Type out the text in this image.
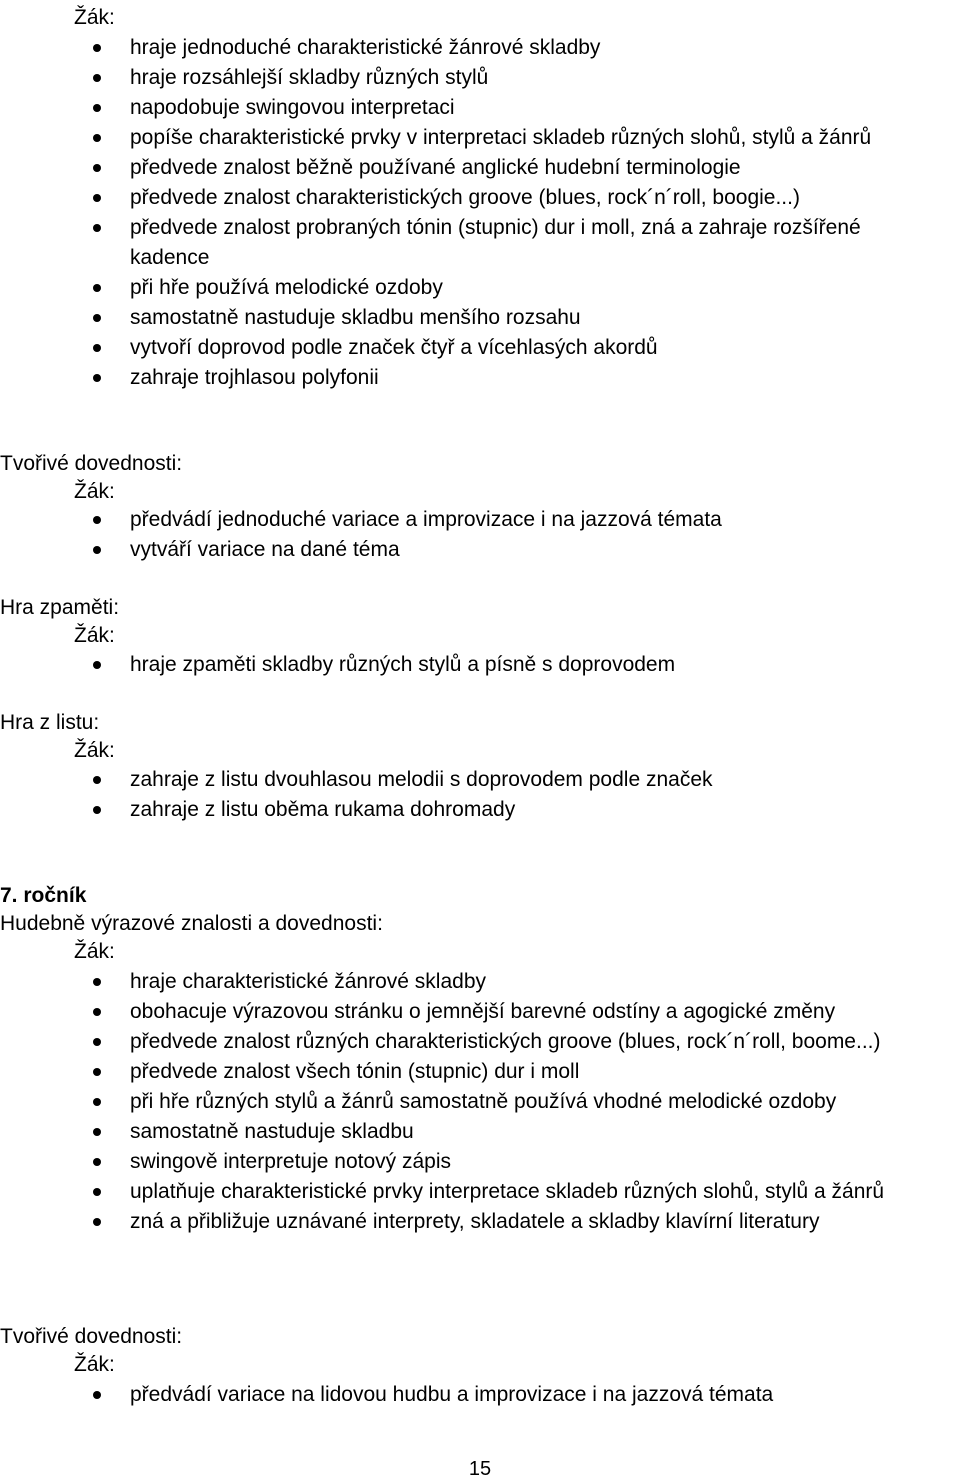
Žák:

hraje jednoduché charakteristické žánrové skladby
hraje rozsáhlejší skladby různých stylů
napodobuje swingovou interpretaci
popíše charakteristické prvky v interpretaci skladeb různých slohů, stylů a žánrů
předvede znalost běžně používané anglické hudební terminologie
předvede znalost charakteristických groove (blues, rock´n´roll, boogie...)
předvede znalost probraných tónin (stupnic) dur i moll, zná a zahraje rozšířené kadence
při hře používá melodické ozdoby
samostatně nastuduje skladbu menšího rozsahu
vytvoří doprovod podle značek čtyř a vícehlasých akordů
zahraje trojhlasou polyfonii

Tvořivé dovednosti:

Žák:

předvádí jednoduché variace a improvizace i na jazzová témata
vytváří variace na dané téma

Hra zpaměti:

Žák:

hraje zpaměti skladby různých stylů a písně s doprovodem

Hra z listu:

Žák:

zahraje z listu dvouhlasou melodii s doprovodem podle značek
zahraje z listu oběma rukama dohromady

7. ročník

Hudebně výrazové znalosti a dovednosti:

Žák:

hraje charakteristické žánrové skladby
obohacuje výrazovou stránku o jemnější barevné odstíny a agogické změny
předvede znalost různých charakteristických groove (blues, rock´n´roll, boome...)
předvede znalost všech tónin (stupnic) dur i moll
při hře různých stylů a žánrů samostatně používá vhodné melodické ozdoby
samostatně nastuduje skladbu
swingově interpretuje notový zápis
uplatňuje charakteristické prvky interpretace skladeb různých slohů, stylů a žánrů
zná a přibližuje uznávané interprety, skladatele a skladby klavírní literatury

Tvořivé dovednosti:

Žák:

předvádí variace na lidovou hudbu a improvizace i na jazzová témata

15
